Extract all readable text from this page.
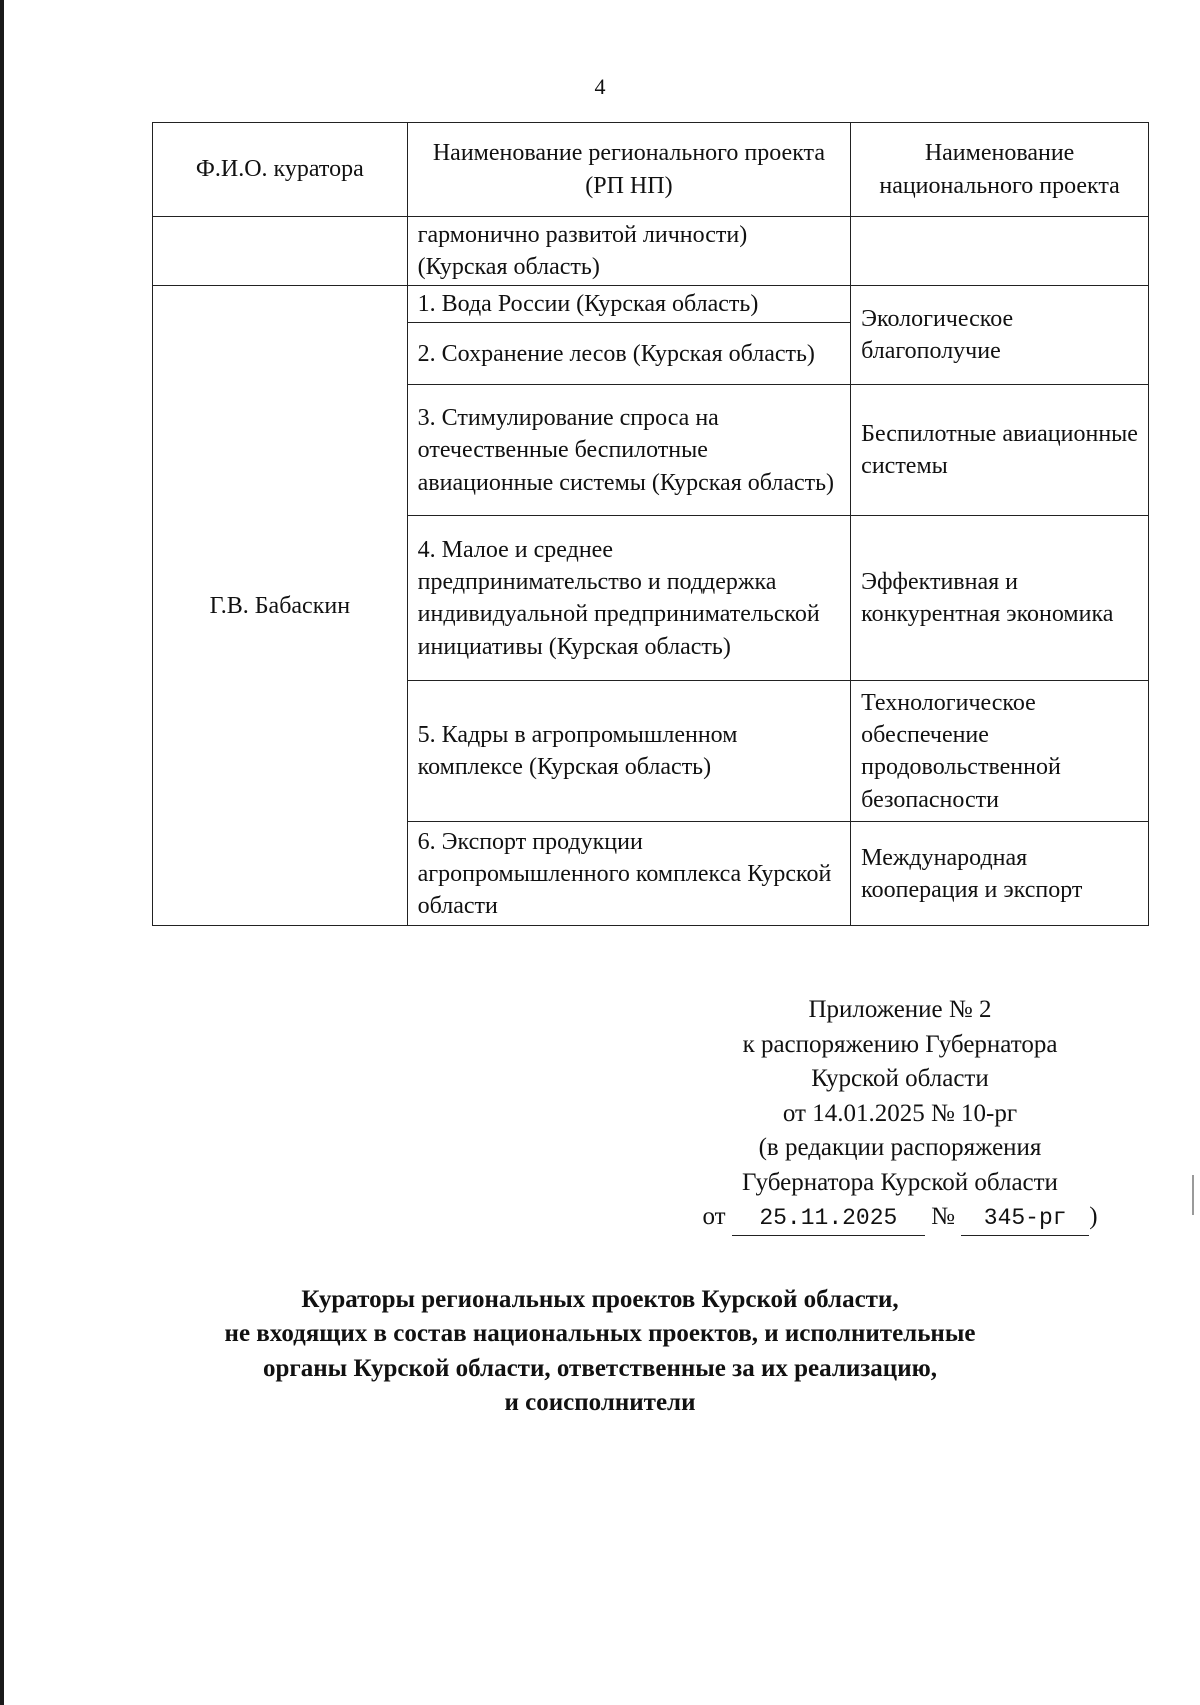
4
Ф.И.О. куратора	Наименование регионального проекта (РП НП)	Наименование национального проекта
	гармонично развитой личности) (Курская область)	
Г.В. Бабаскин	1. Вода России (Курская область)	Экологическое благополучие
	2. Сохранение лесов (Курская область)	
	3. Стимулирование спроса на отечественные беспилотные авиационные системы (Курская область)	Беспилотные авиационные системы
	4. Малое и среднее предпринимательство и поддержка индивидуальной предпринимательской инициативы (Курская область)	Эффективная и конкурентная экономика
	5. Кадры в агропромышленном комплексе (Курская область)	Технологическое обеспечение продовольственной безопасности
	6. Экспорт продукции агропромышленного комплекса Курской области	Международная кооперация и экспорт
Приложение № 2
к распоряжению Губернатора
Курской области
от 14.01.2025 № 10-рг
(в редакции распоряжения
Губернатора Курской области
от 25.11.2025 № 345-рг )
Кураторы региональных проектов Курской области,
не входящих в состав национальных проектов, и исполнительные
органы Курской области, ответственные за их реализацию,
и соисполнители
